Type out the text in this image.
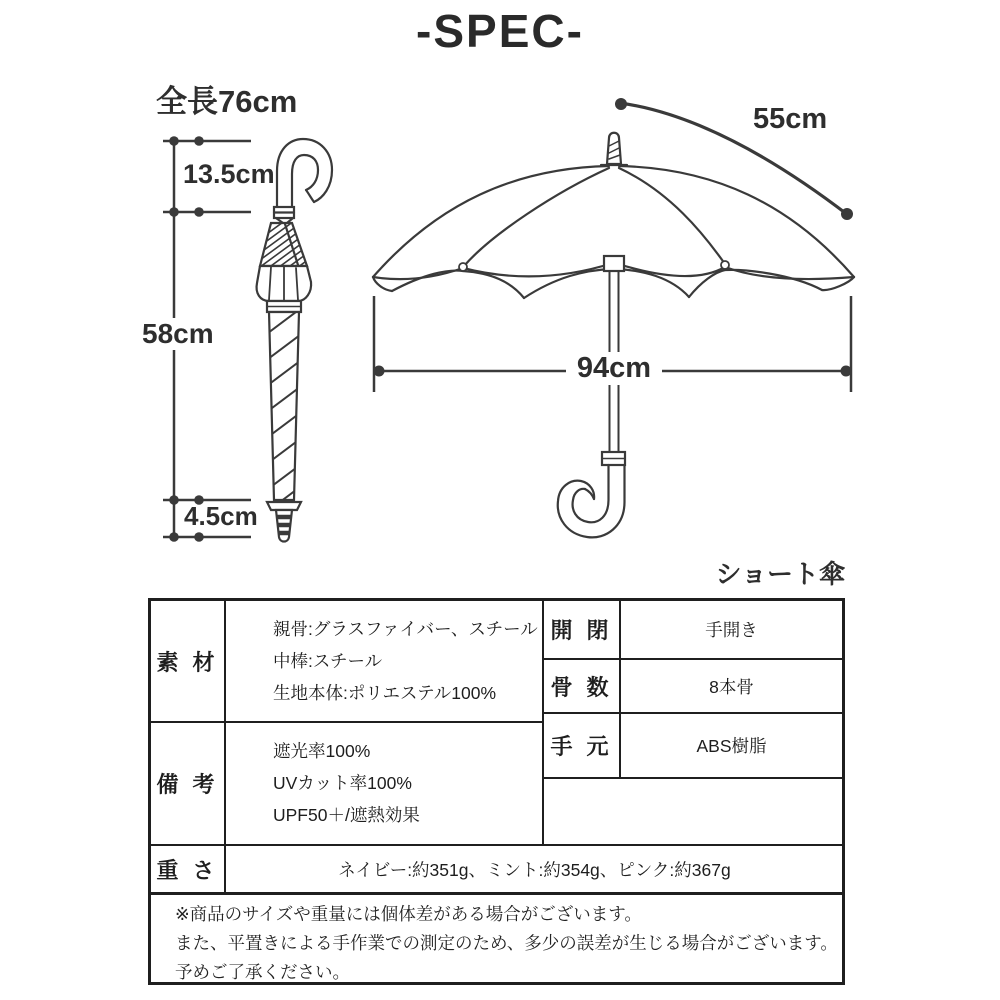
-SPEC-
全長76cm
13.5cm
58cm
4.5cm
55cm
94cm
ショート傘
※商品のサイズや重量には個体差がある場合がございます。
また、平置きによる手作業での測定のため、多少の誤差が生じる場合がございます。
予めご了承ください。
素 材
親骨:グラスファイバー、スチール
中棒:スチール
生地本体:ポリエステル100%
備 考
遮光率100%
UVカット率100%
UPF50＋/遮熱効果
開 閉	手開き
骨 数	8本骨
手 元	ABS樹脂
重 さ	ネイビー:約351g、ミント:約354g、ピンク:約367g
